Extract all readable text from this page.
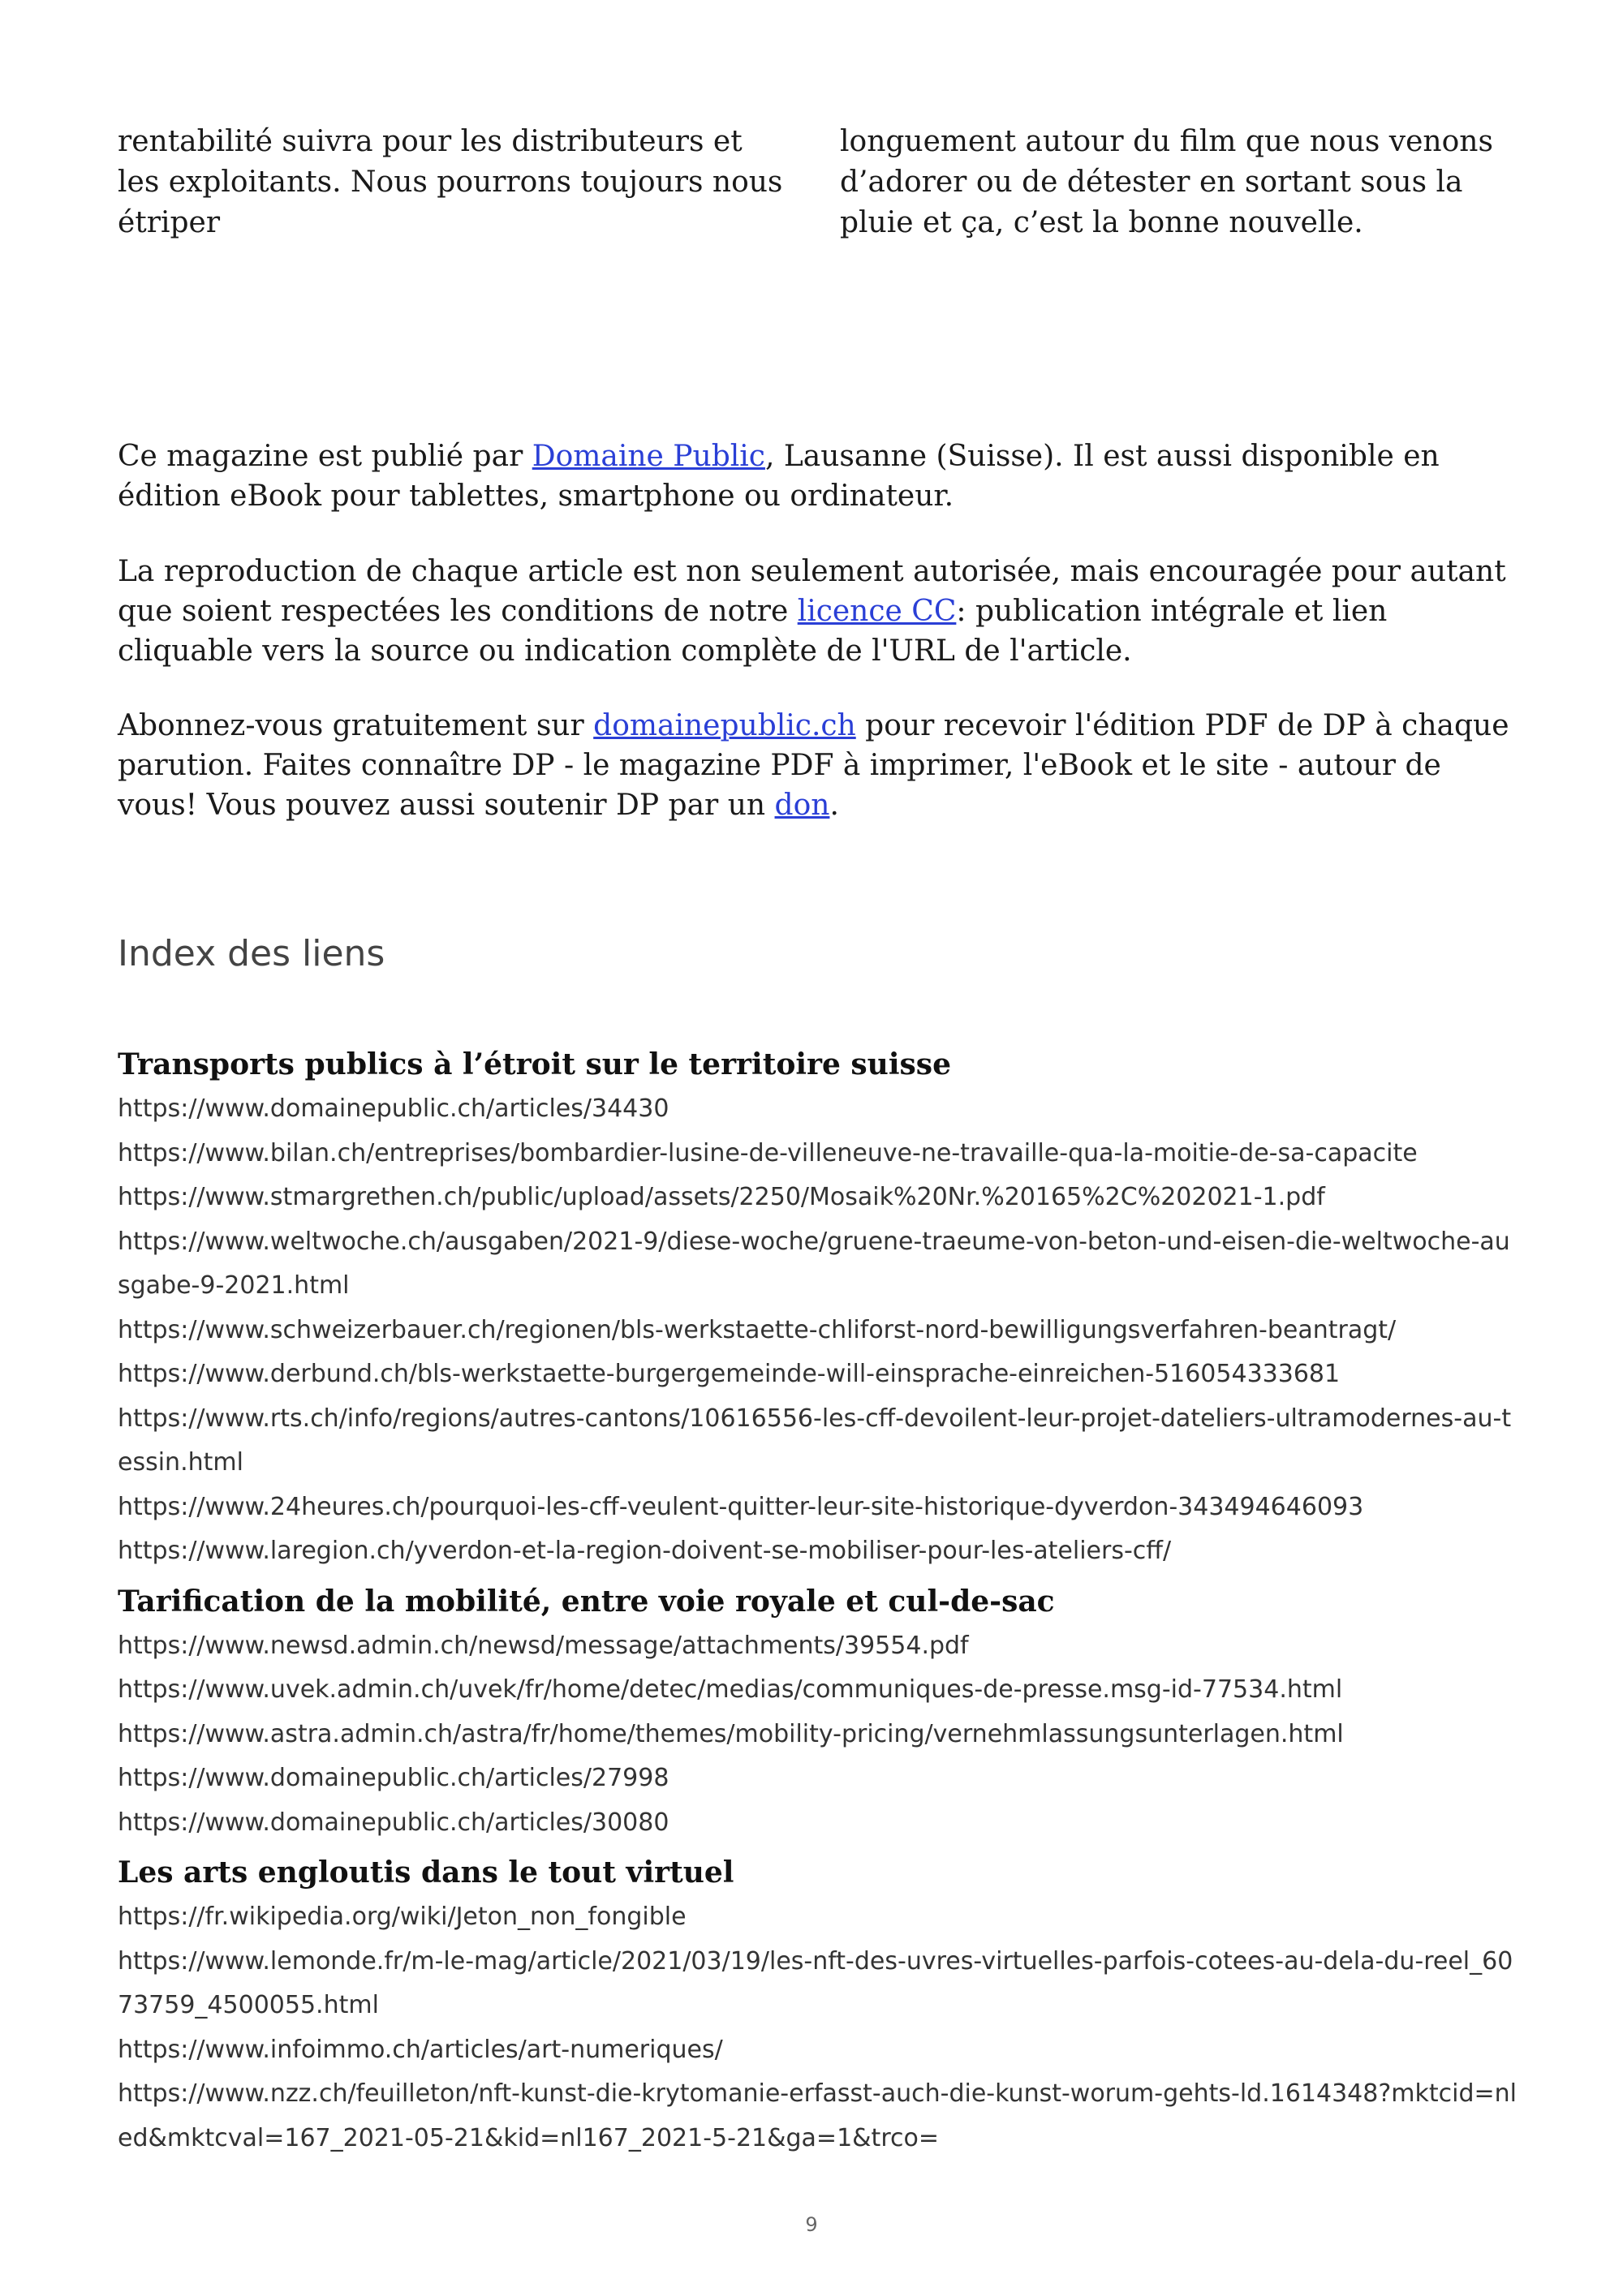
rentabilité suivra pour les distributeurs et les exploitants. Nous pourrons toujours nous étriper
longuement autour du film que nous venons d’adorer ou de détester en sortant sous la pluie et ça, c’est la bonne nouvelle.
Ce magazine est publié par Domaine Public, Lausanne (Suisse). Il est aussi disponible en édition eBook pour tablettes, smartphone ou ordinateur.
La reproduction de chaque article est non seulement autorisée, mais encouragée pour autant que soient respectées les conditions de notre licence CC: publication intégrale et lien cliquable vers la source ou indication complète de l'URL de l'article.
Abonnez-vous gratuitement sur domainepublic.ch pour recevoir l'édition PDF de DP à chaque parution. Faites connaître DP - le magazine PDF à imprimer, l'eBook et le site - autour de vous! Vous pouvez aussi soutenir DP par un don.
Index des liens
Transports publics à l’étroit sur le territoire suisse
https://www.domainepublic.ch/articles/34430
https://www.bilan.ch/entreprises/bombardier-lusine-de-villeneuve-ne-travaille-qua-la-moitie-de-sa-capacite
https://www.stmargrethen.ch/public/upload/assets/2250/Mosaik%20Nr.%20165%2C%202021-1.pdf
https://www.weltwoche.ch/ausgaben/2021-9/diese-woche/gruene-traeume-von-beton-und-eisen-die-weltwoche-ausgabe-9-2021.html
https://www.schweizerbauer.ch/regionen/bls-werkstaette-chliforst-nord-bewilligungsverfahren-beantragt/
https://www.derbund.ch/bls-werkstaette-burgergemeinde-will-einsprache-einreichen-516054333681
https://www.rts.ch/info/regions/autres-cantons/10616556-les-cff-devoilent-leur-projet-dateliers-ultramodernes-au-tessin.html
https://www.24heures.ch/pourquoi-les-cff-veulent-quitter-leur-site-historique-dyverdon-343494646093
https://www.laregion.ch/yverdon-et-la-region-doivent-se-mobiliser-pour-les-ateliers-cff/
Tarification de la mobilité, entre voie royale et cul-de-sac
https://www.newsd.admin.ch/newsd/message/attachments/39554.pdf
https://www.uvek.admin.ch/uvek/fr/home/detec/medias/communiques-de-presse.msg-id-77534.html
https://www.astra.admin.ch/astra/fr/home/themes/mobility-pricing/vernehmlassungsunterlagen.html
https://www.domainepublic.ch/articles/27998
https://www.domainepublic.ch/articles/30080
Les arts engloutis dans le tout virtuel
https://fr.wikipedia.org/wiki/Jeton_non_fongible
https://www.lemonde.fr/m-le-mag/article/2021/03/19/les-nft-des-uvres-virtuelles-parfois-cotees-au-dela-du-reel_6073759_4500055.html
https://www.infoimmo.ch/articles/art-numeriques/
https://www.nzz.ch/feuilleton/nft-kunst-die-krytomanie-erfasst-auch-die-kunst-worum-gehts-ld.1614348?mktcid=nled&mktcval=167_2021-05-21&kid=nl167_2021-5-21&ga=1&trco=
9
